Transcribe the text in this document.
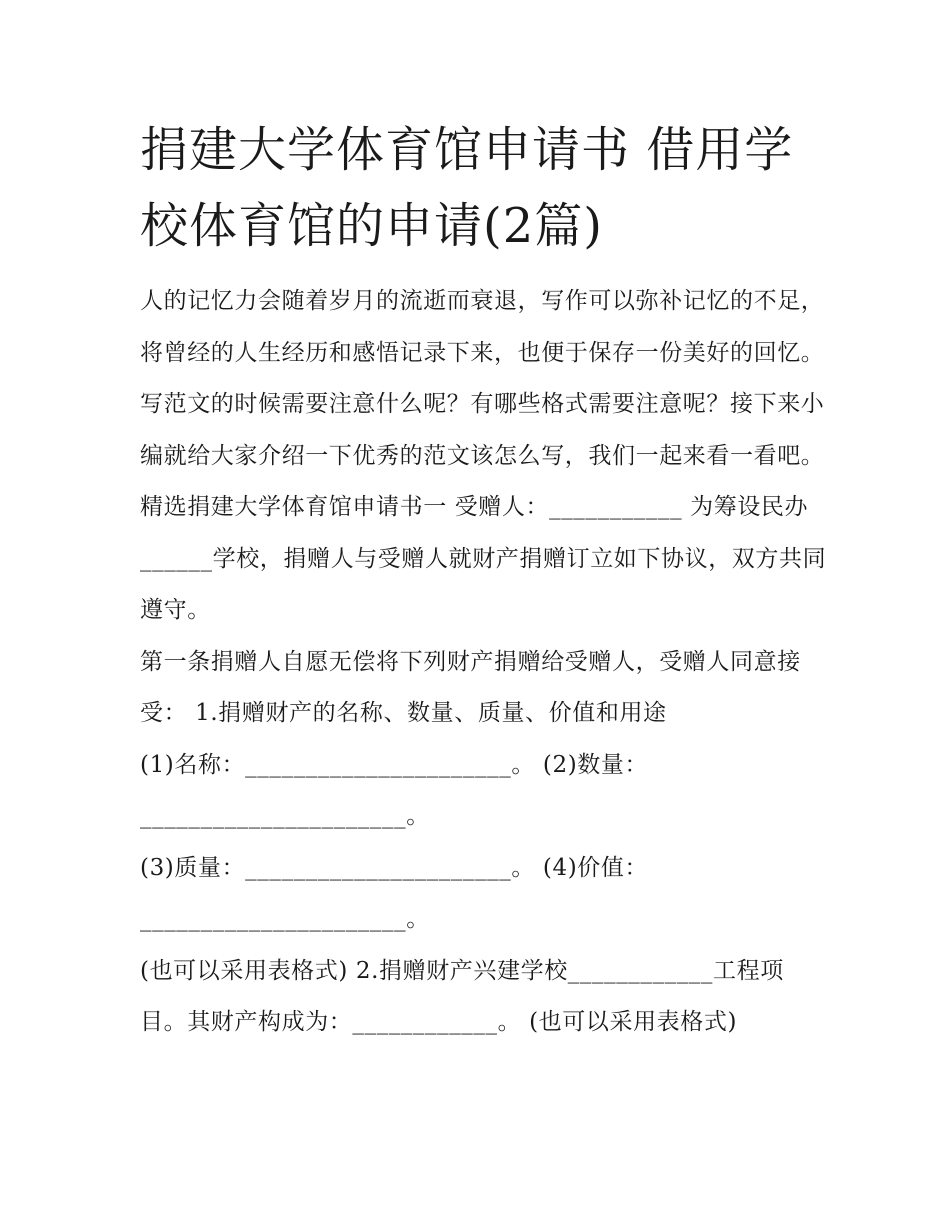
捐建大学体育馆申请书 借用学校体育馆的申请(2篇)

人的记忆力会随着岁月的流逝而衰退，写作可以弥补记忆的不足，将曾经的人生经历和感悟记录下来，也便于保存一份美好的回忆。写范文的时候需要注意什么呢？有哪些格式需要注意呢？接下来小编就给大家介绍一下优秀的范文该怎么写，我们一起来看一看吧。

精选捐建大学体育馆申请书一 受赠人：___________ 为筹设民办______学校，捐赠人与受赠人就财产捐赠订立如下协议，双方共同遵守。

第一条捐赠人自愿无偿将下列财产捐赠给受赠人，受赠人同意接受： 1.捐赠财产的名称、数量、质量、价值和用途

(1)名称：______________________。 (2)数量：______________________。

(3)质量：______________________。 (4)价值：______________________。

(也可以采用表格式) 2.捐赠财产兴建学校____________工程项目。其财产构成为：____________。 (也可以采用表格式)
